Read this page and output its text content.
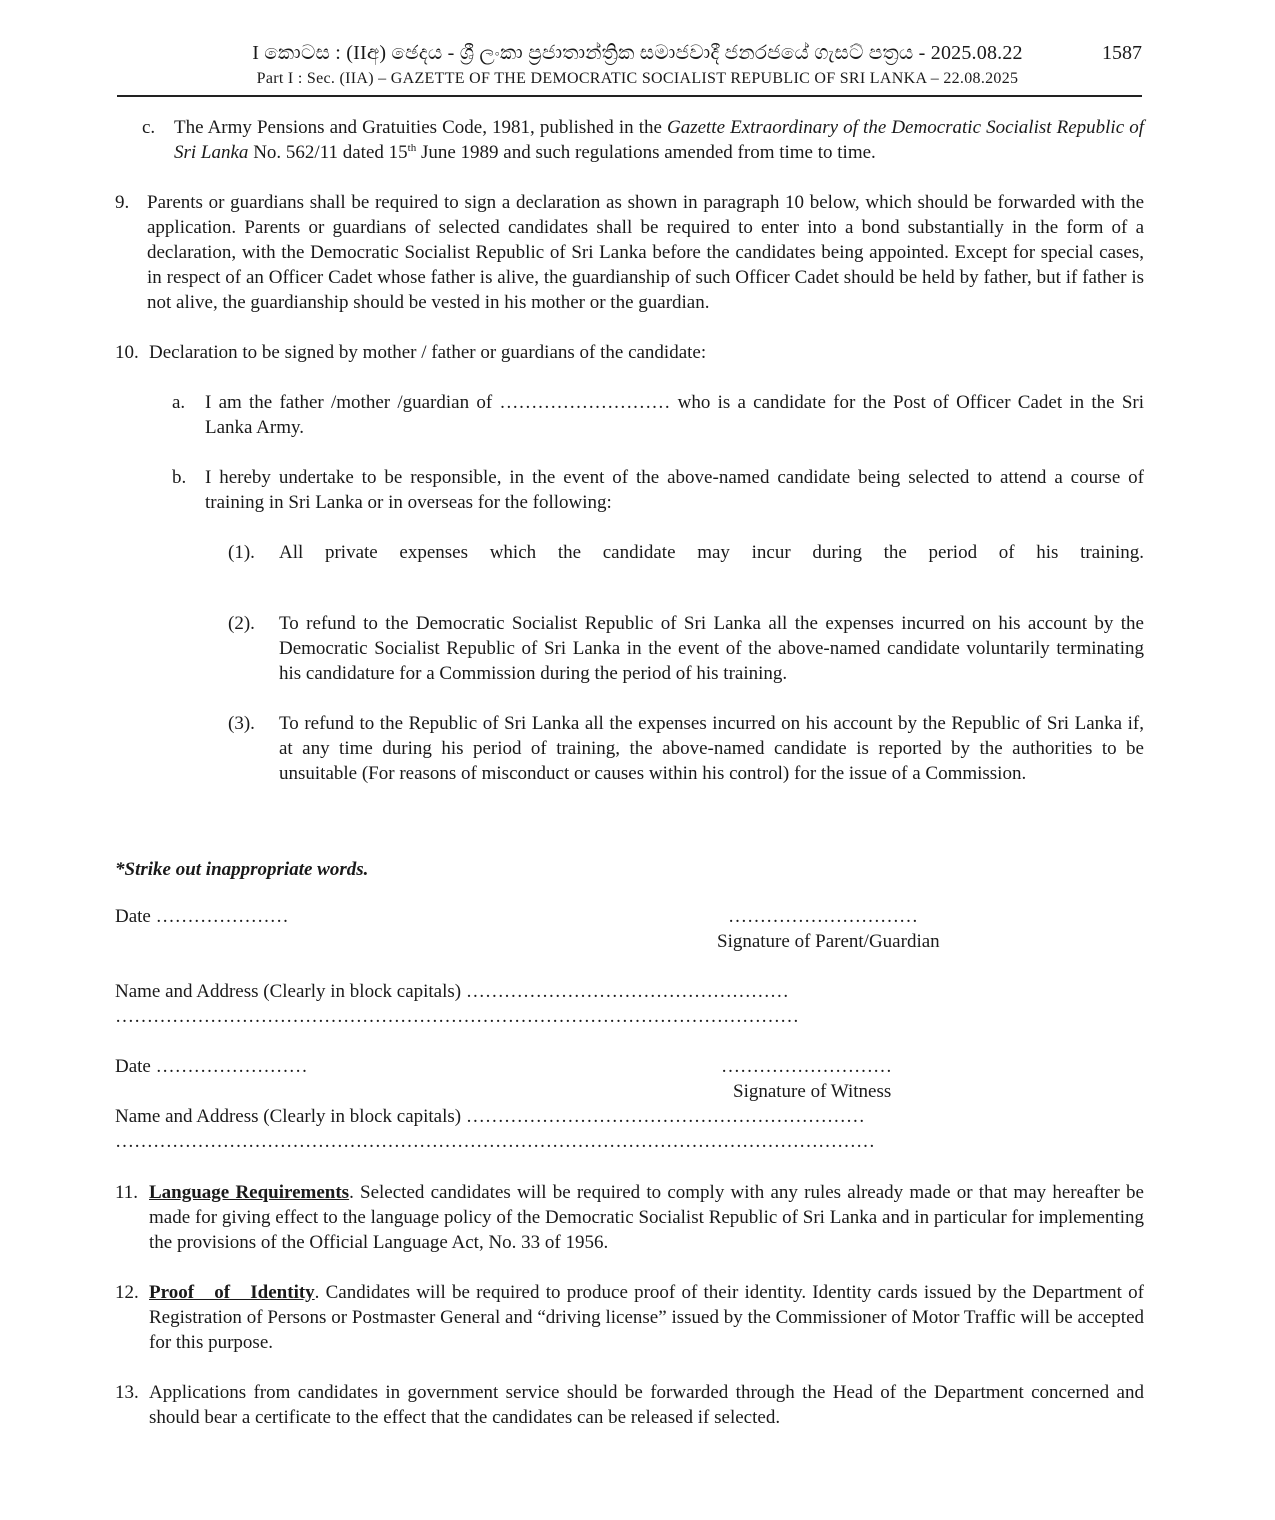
I කොටස : (IIඅ) ඡෙදය - ශ්‍රී ලංකා ප්‍රජාතාන්ත්‍රික සමාජවාදී ජනරජයේ ගැසට් පත්‍රය - 2025.08.22	1587
Part I : Sec. (IIA) – GAZETTE OF THE DEMOCRATIC SOCIALIST REPUBLIC OF SRI LANKA – 22.08.2025
c. The Army Pensions and Gratuities Code, 1981, published in the Gazette Extraordinary of the Democratic Socialist Republic of Sri Lanka No. 562/11 dated 15th June 1989 and such regulations amended from time to time.
9. Parents or guardians shall be required to sign a declaration as shown in paragraph 10 below, which should be forwarded with the application. Parents or guardians of selected candidates shall be required to enter into a bond substantially in the form of a declaration, with the Democratic Socialist Republic of Sri Lanka before the candidates being appointed. Except for special cases, in respect of an Officer Cadet whose father is alive, the guardianship of such Officer Cadet should be held by father, but if father is not alive, the guardianship should be vested in his mother or the guardian.
10. Declaration to be signed by mother / father or guardians of the candidate:
a. I am the father /mother /guardian of ……………………… who is a candidate for the Post of Officer Cadet in the Sri Lanka Army.
b. I hereby undertake to be responsible, in the event of the above-named candidate being selected to attend a course of training in Sri Lanka or in overseas for the following:
(1). All private expenses which the candidate may incur during the period of his training.
(2). To refund to the Democratic Socialist Republic of Sri Lanka all the expenses incurred on his account by the Democratic Socialist Republic of Sri Lanka in the event of the above-named candidate voluntarily terminating his candidature for a Commission during the period of his training.
(3). To refund to the Republic of Sri Lanka all the expenses incurred on his account by the Republic of Sri Lanka if, at any time during his period of training, the above-named candidate is reported by the authorities to be unsuitable (For reasons of misconduct or causes within his control) for the issue of a Commission.
*Strike out inappropriate words.
Date …………………	…………………………
Signature of Parent/Guardian
Name and Address (Clearly in block capitals) ……………………………………………
………………………………………………………………………………………………
Date ……………………	………………………
Signature of Witness
Name and Address (Clearly in block capitals) ………………………………………………………
…………………………………………………………………………………………………………
11. Language Requirements. Selected candidates will be required to comply with any rules already made or that may hereafter be made for giving effect to the language policy of the Democratic Socialist Republic of Sri Lanka and in particular for implementing the provisions of the Official Language Act, No. 33 of 1956.
12. Proof of Identity. Candidates will be required to produce proof of their identity. Identity cards issued by the Department of Registration of Persons or Postmaster General and “driving license” issued by the Commissioner of Motor Traffic will be accepted for this purpose.
13. Applications from candidates in government service should be forwarded through the Head of the Department concerned and should bear a certificate to the effect that the candidates can be released if selected.
